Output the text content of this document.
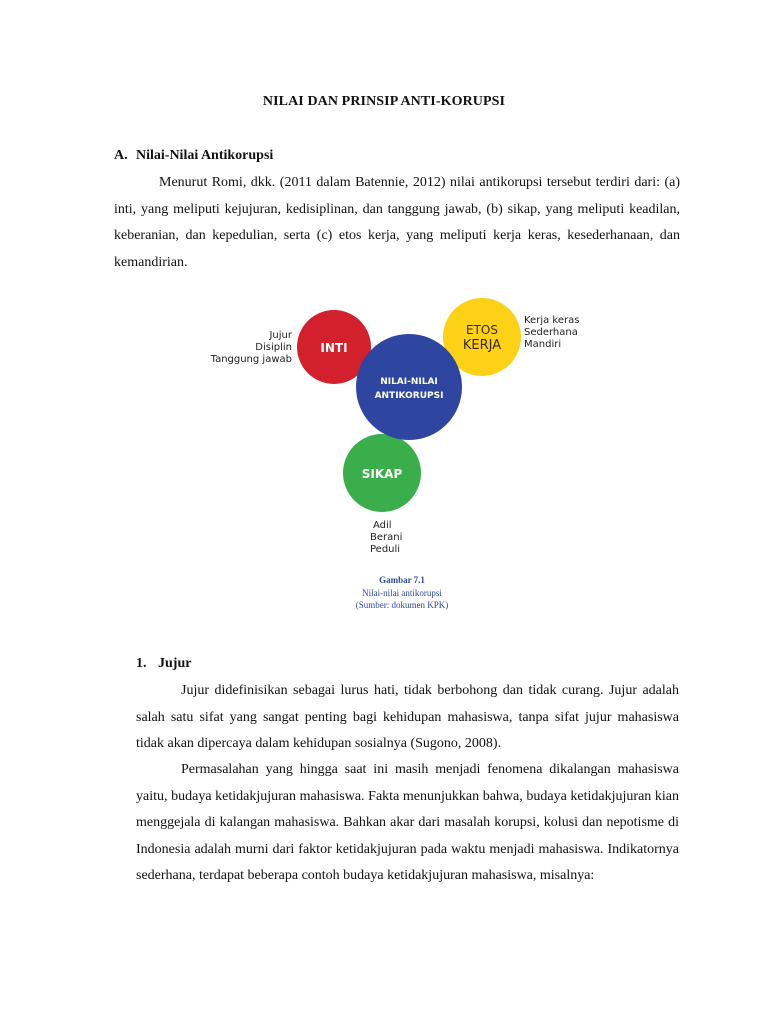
NILAI DAN PRINSIP ANTI-KORUPSI
A. Nilai-Nilai Antikorupsi

Menurut Romi, dkk. (2011 dalam Batennie, 2012) nilai antikorupsi tersebut terdiri dari: (a) inti, yang meliputi kejujuran, kedisiplinan, dan tanggung jawab, (b) sikap, yang meliputi keadilan, keberanian, dan kepedulian, serta (c) etos kerja, yang meliputi kerja keras, kesederhanaan, dan kemandirian.

INTI
ETOS
KERJA
NILAI-NILAI
ANTIKORUPSI
SIKAP
Jujur
Disiplin
Tanggung jawab
Kerja keras
Sederhana
Mandiri
Adil
Berani
Peduli
Gambar 7.1
Nilai-nilai antikorupsi
(Sumber: dokumen KPK)
1. Jujur

Jujur didefinisikan sebagai lurus hati, tidak berbohong dan tidak curang. Jujur adalah salah satu sifat yang sangat penting bagi kehidupan mahasiswa, tanpa sifat jujur mahasiswa tidak akan dipercaya dalam kehidupan sosialnya (Sugono, 2008).

Permasalahan yang hingga saat ini masih menjadi fenomena dikalangan mahasiswa yaitu, budaya ketidakjujuran mahasiswa. Fakta menunjukkan bahwa, budaya ketidakjujuran kian menggejala di kalangan mahasiswa. Bahkan akar dari masalah korupsi, kolusi dan nepotisme di Indonesia adalah murni dari faktor ketidakjujuran pada waktu menjadi mahasiswa. Indikatornya sederhana, terdapat beberapa contoh budaya ketidakjujuran mahasiswa, misalnya:
